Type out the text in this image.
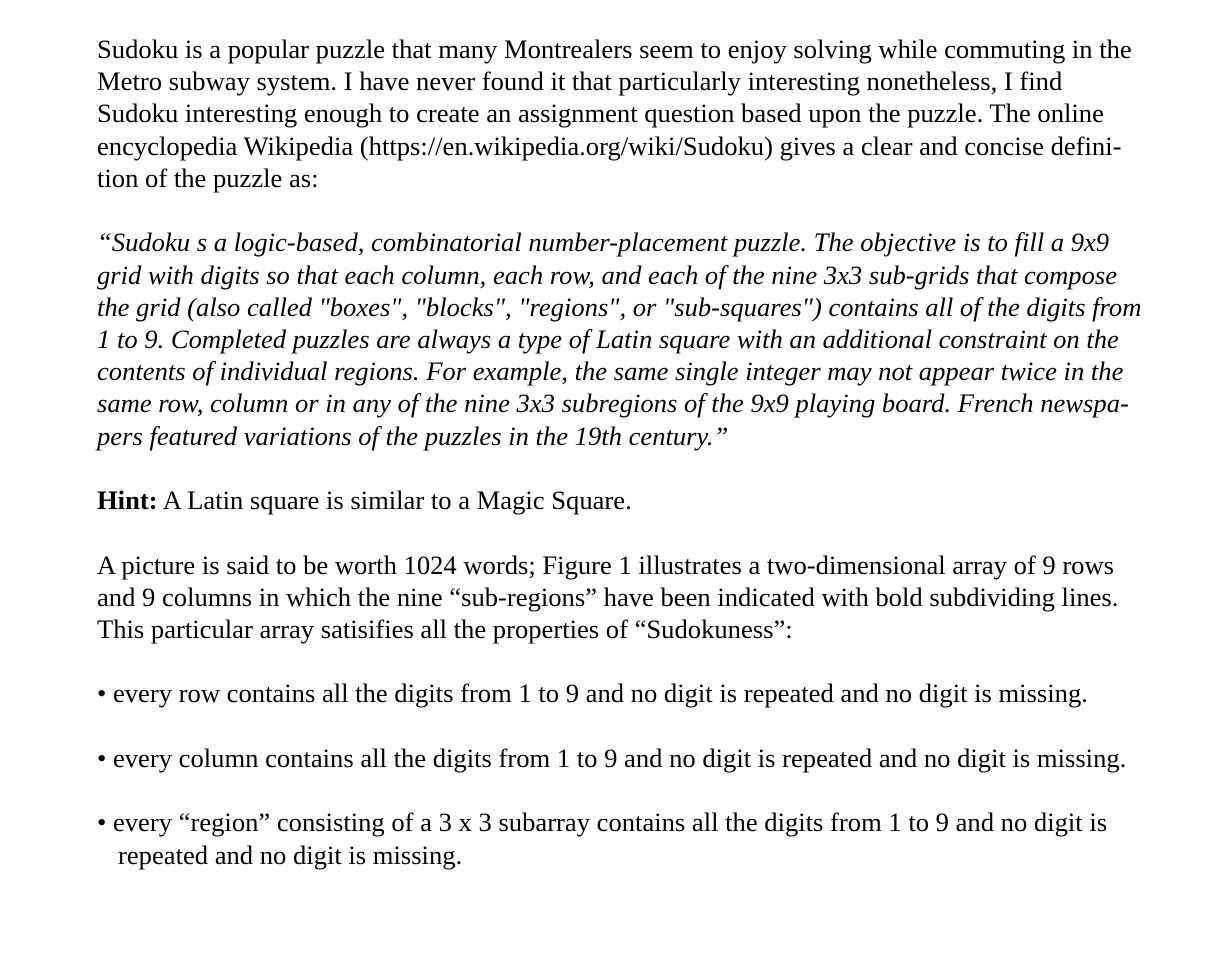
Sudoku is a popular puzzle that many Montrealers seem to enjoy solving while commuting in the
Metro subway system. I have never found it that particularly interesting nonetheless, I find
Sudoku interesting enough to create an assignment question based upon the puzzle. The online
encyclopedia Wikipedia (https://en.wikipedia.org/wiki/Sudoku) gives a clear and concise defini-
tion of the puzzle as:
“Sudoku s a logic-based, combinatorial number-placement puzzle. The objective is to fill a 9x9
grid with digits so that each column, each row, and each of the nine 3x3 sub-grids that compose
the grid (also called "boxes", "blocks", "regions", or "sub-squares") contains all of the digits from
1 to 9. Completed puzzles are always a type of Latin square with an additional constraint on the
contents of individual regions. For example, the same single integer may not appear twice in the
same row, column or in any of the nine 3x3 subregions of the 9x9 playing board. French newspa-
pers featured variations of the puzzles in the 19th century.”
Hint: A Latin square is similar to a Magic Square.
A picture is said to be worth 1024 words; Figure 1 illustrates a two-dimensional array of 9 rows
and 9 columns in which the nine “sub-regions” have been indicated with bold subdividing lines.
This particular array satisifies all the properties of “Sudokuness”:
• every row contains all the digits from 1 to 9 and no digit is repeated and no digit is missing.
• every column contains all the digits from 1 to 9 and no digit is repeated and no digit is missing.
• every “region” consisting of a 3 x 3 subarray contains all the digits from 1 to 9 and no digit is
repeated and no digit is missing.
